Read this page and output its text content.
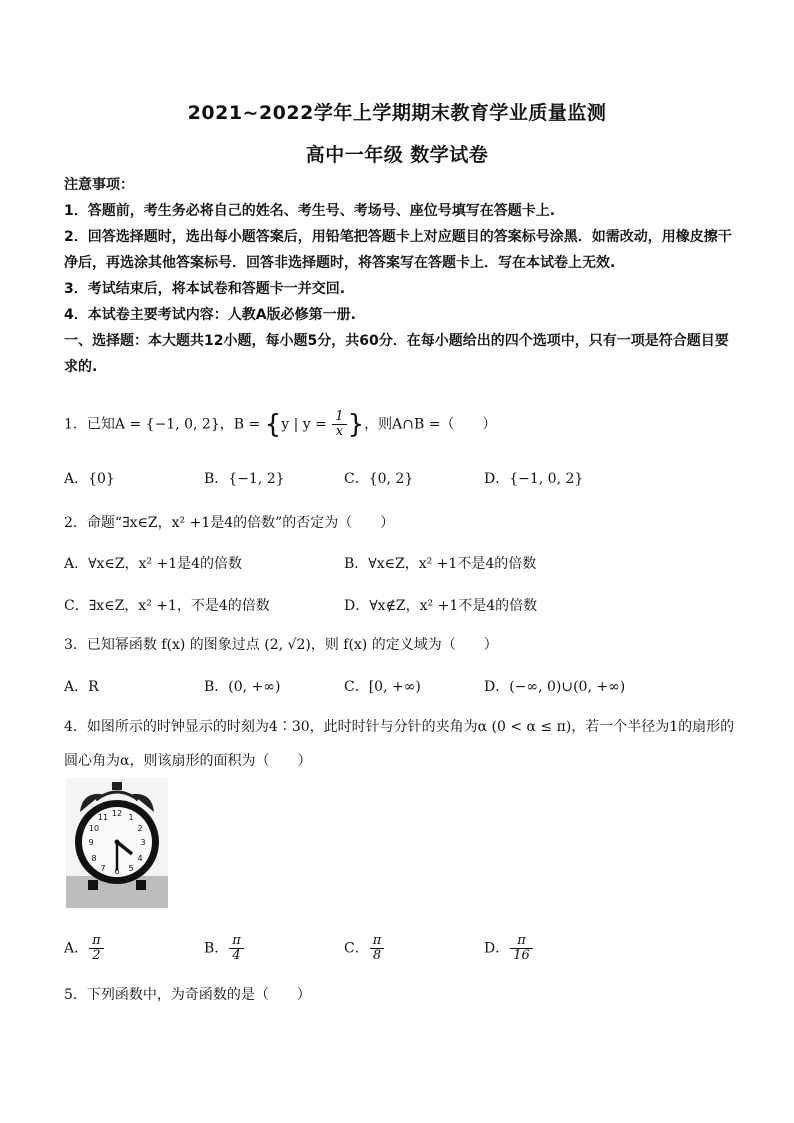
2021~2022学年上学期期末教育学业质量监测
高中一年级 数学试卷

注意事项：

1．答题前，考生务必将自己的姓名、考生号、考场号、座位号填写在答题卡上.

2．回答选择题时，选出每小题答案后，用铅笔把答题卡上对应题目的答案标号涂黑．如需改动，用橡皮擦干净后，再选涂其他答案标号．回答非选择题时，将答案写在答题卡上．写在本试卷上无效.

3．考试结束后，将本试卷和答题卡一并交回.

4．本试卷主要考试内容：人教A版必修第一册.

一、选择题：本大题共12小题，每小题5分，共60分．在每小题给出的四个选项中，只有一项是符合题目要求的.

1．已知A = {−1, 0, 2}，B = {y | $y = \frac{1}{x}$ }，则A∩B =（　　）
A．{0}	B．{−1, 2}	C．{0, 2}	D．{−1, 0, 2}
2．命题“∃x∈Z，x² +1是4的倍数”的否定为（　　）
A．∀x∈Z，x² +1是4的倍数	B．∀x∈Z，x² +1不是4的倍数
C．∃x∈Z，x² +1，不是4的倍数	D．∀x∉Z，x² +1不是4的倍数
3．已知幂函数 f(x) 的图象过点 (2, √2)，则 f(x) 的定义域为（　　）
A．R	B．(0, +∞)	C．[0, +∞)	D．(−∞, 0)∪(0, +∞)
4．如图所示的时钟显示的时刻为4∶30，此时时针与分针的夹角为α (0 < α ≤ π)，若一个半径为1的扇形的
圆心角为α，则该扇形的面积为（　　）
12
3
6
9
1
2
4
5
7
8
10
11
A． $\frac{\pi}{2}$	B． $\frac{\pi}{4}$	C． $\frac{\pi}{8}$	D． $\frac{\pi}{16}$
5．下列函数中，为奇函数的是（　　）
